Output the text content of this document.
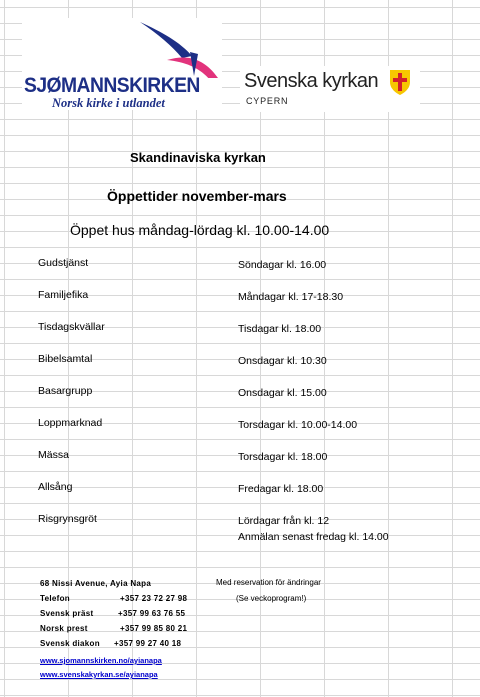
SJØMANNSKIRKEN
Norsk kirke i utlandet
Svenska kyrkan
CYPERN
Skandinaviska kyrkan
Öppettider november-mars
Öppet hus måndag-lördag kl. 10.00-14.00
Gudstjänst	Söndagar kl. 16.00
Familjefika	Måndagar kl. 17-18.30
Tisdagskvällar	Tisdagar kl. 18.00
Bibelsamtal	Onsdagar kl. 10.30
Basargrupp	Onsdagar kl. 15.00
Loppmarknad	Torsdagar kl. 10.00-14.00
Mässa	Torsdagar kl. 18.00
Allsång	Fredagar kl. 18.00
Risgrynsgröt	Lördagar från kl. 12
Anmälan senast fredag kl. 14.00
68 Nissi Avenue, Ayia Napa	Med reservation för ändringar
(Se veckoprogram!)
Telefon	+357 23 72 27 98
Svensk präst	+357 99 63 76 55
Norsk prest	+357 99 85 80 21
Svensk diakon +357 99 27 40 18
www.sjomannskirken.no/ayianapa
www.svenskakyrkan.se/ayianapa
